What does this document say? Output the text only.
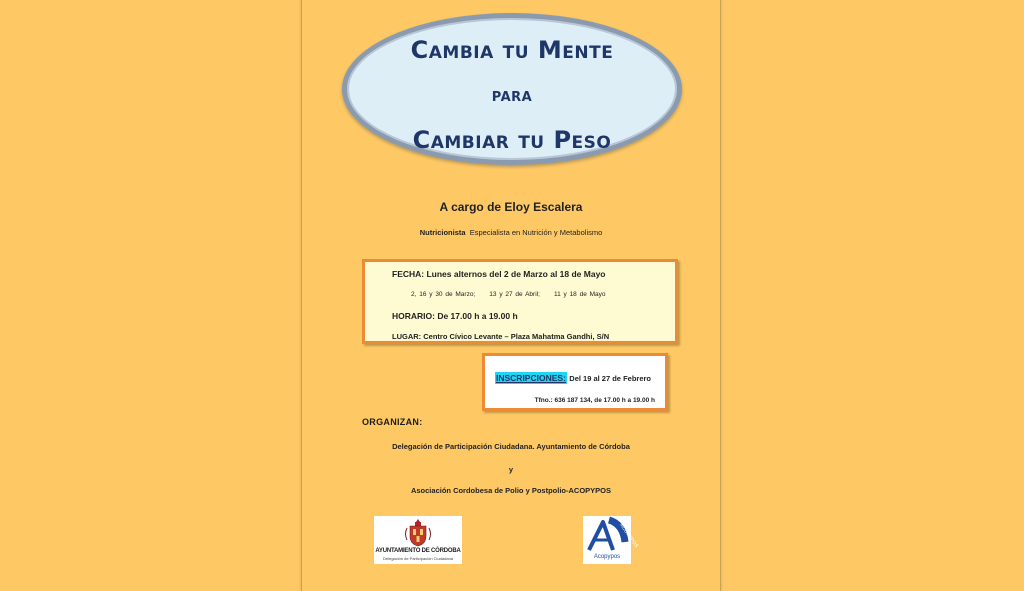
Cambia tu Mente
para
Cambiar tu Peso
A cargo de Eloy Escalera
Nutricionista Especialista en Nutrición y Metabolismo
FECHA: Lunes alternos del 2 de Marzo al 18 de Mayo
2, 16 y 30 de Marzo; 13 y 27 de Abril; 11 y 18 de Mayo
HORARIO: De 17.00 h a 19.00 h
LUGAR: Centro Cívico Levante – Plaza Mahatma Gandhi, S/N
INSCRIPCIONES: Del 19 al 27 de Febrero
Tfno.: 636 187 134, de 17.00 h a 19.00 h
ORGANIZAN:
Delegación de Participación Ciudadana. Ayuntamiento de Córdoba
y
Asociación Cordobesa de Polio y Postpolio-ACOPYPOS
AYUNTAMIENTO DE CÓRDOBA
Delegación de Participación Ciudadana
ACOPYPOS
Acopypos
